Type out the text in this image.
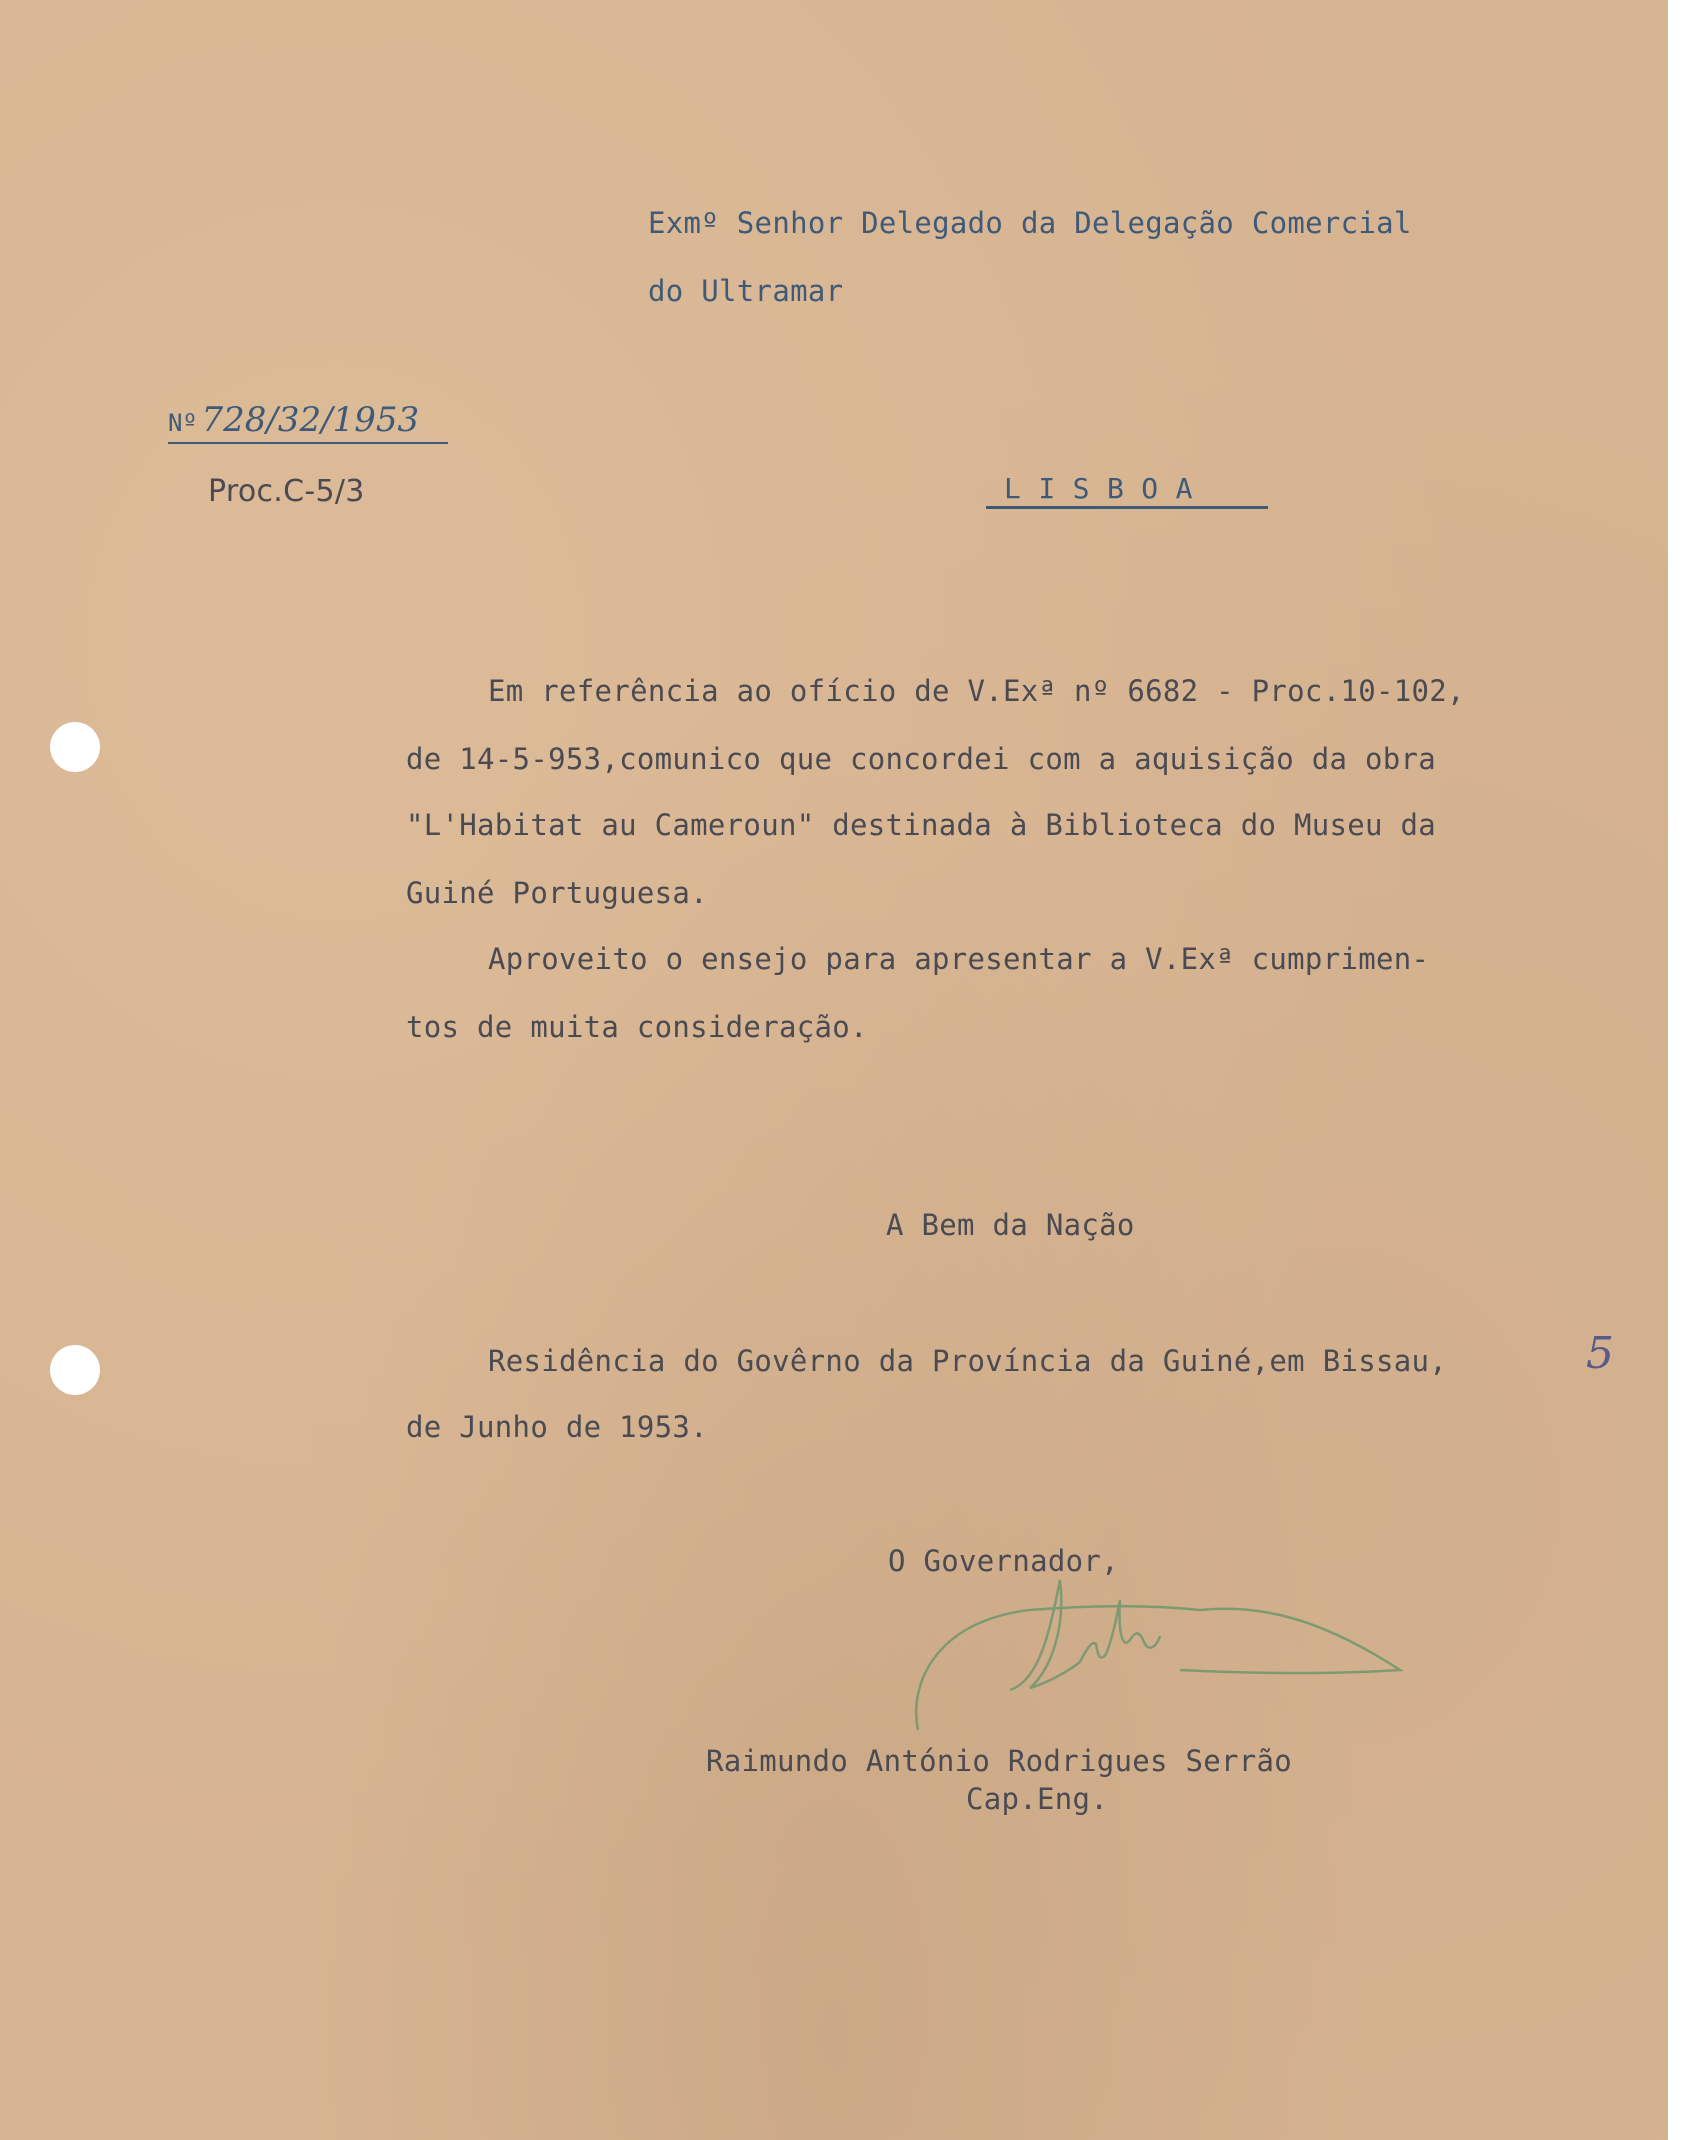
Exmº Senhor Delegado da Delegação Comercial
do Ultramar
Nº 728/32/1953
Proc.C-5/3	L I S B O A
Em referência ao ofício de V.Exª nº 6682 - Proc.10-102,
de 14-5-953,comunico que concordei com a aquisição da obra
"L'Habitat au Cameroun" destinada à Biblioteca do Museu da
Guiné Portuguesa.
Aproveito o ensejo para apresentar a V.Exª cumprimen-
tos de muita consideração.
A Bem da Nação
Residência do Govêrno da Província da Guiné,em Bissau,	5
de Junho de 1953.
O Governador,
Raimundo António Rodrigues Serrão
Cap.Eng.
